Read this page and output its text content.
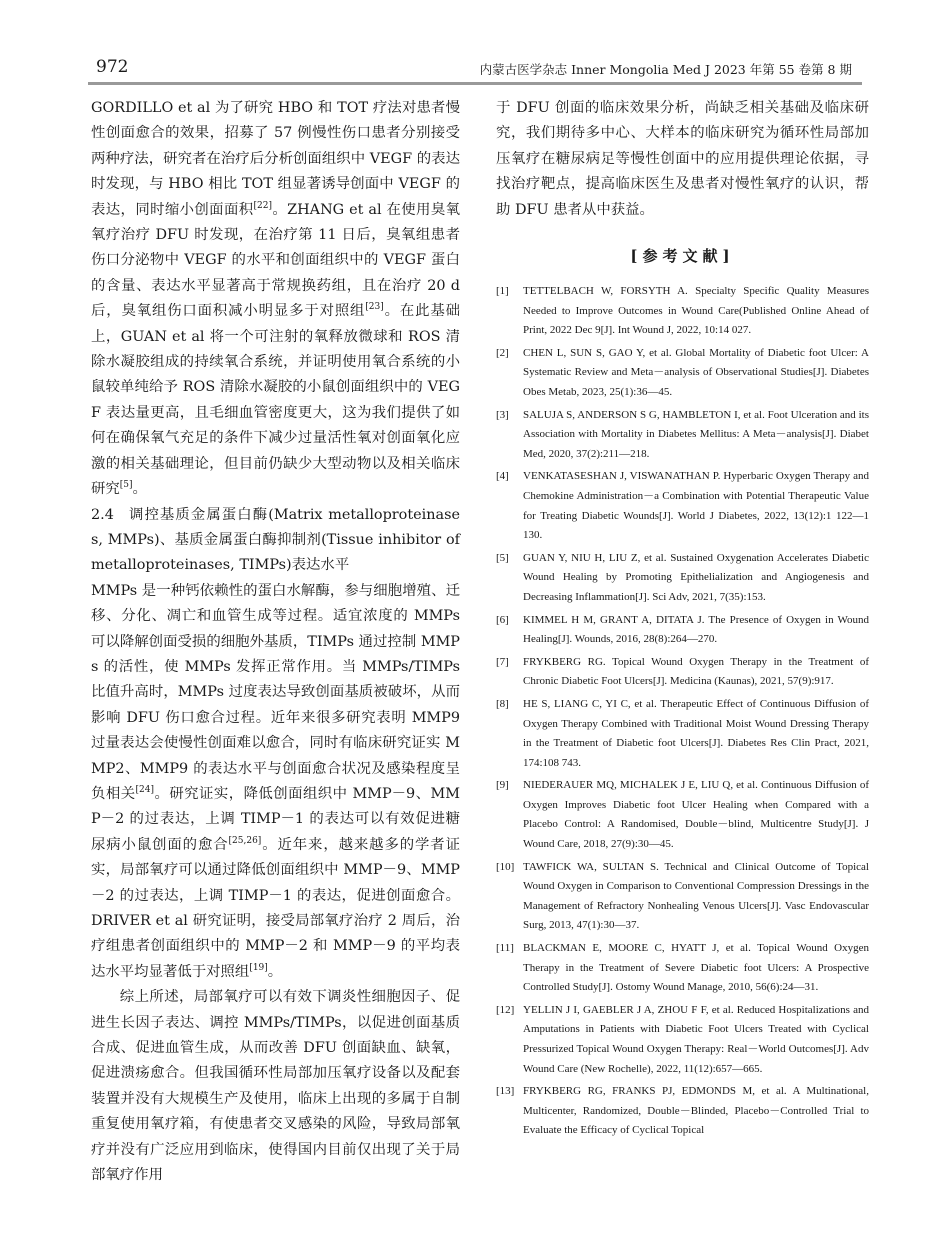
972	内蒙古医学杂志 Inner Mongolia Med J 2023 年第 55 卷第 8 期

GORDILLO et al 为了研究 HBO 和 TOT 疗法对患者慢性创面愈合的效果，招募了 57 例慢性伤口患者分别接受两种疗法，研究者在治疗后分析创面组织中 VEGF 的表达时发现，与 HBO 相比 TOT 组显著诱导创面中 VEGF 的表达，同时缩小创面面积[22]。ZHANG et al 在使用臭氧氧疗治疗 DFU 时发现，在治疗第 11 日后，臭氧组患者伤口分泌物中 VEGF 的水平和创面组织中的 VEGF 蛋白的含量、表达水平显著高于常规换药组，且在治疗 20 d 后，臭氧组伤口面积减小明显多于对照组[23]。在此基础上，GUAN et al 将一个可注射的氧释放微球和 ROS 清除水凝胶组成的持续氧合系统，并证明使用氧合系统的小鼠较单纯给予 ROS 清除水凝胶的小鼠创面组织中的 VEGF 表达量更高，且毛细血管密度更大，这为我们提供了如何在确保氧气充足的条件下减少过量活性氧对创面氧化应激的相关基础理论，但目前仍缺少大型动物以及相关临床研究[5]。

2.4 调控基质金属蛋白酶(Matrix metalloproteinases, MMPs)、基质金属蛋白酶抑制剂(Tissue inhibitor of metalloproteinases, TIMPs)表达水平

MMPs 是一种钙依赖性的蛋白水解酶，参与细胞增殖、迁移、分化、凋亡和血管生成等过程。适宜浓度的 MMPs 可以降解创面受损的细胞外基质，TIMPs 通过控制 MMPs 的活性，使 MMPs 发挥正常作用。当 MMPs/TIMPs 比值升高时，MMPs 过度表达导致创面基质被破坏，从而影响 DFU 伤口愈合过程。近年来很多研究表明 MMP9 过量表达会使慢性创面难以愈合，同时有临床研究证实 MMP2、MMP9 的表达水平与创面愈合状况及感染程度呈负相关[24]。研究证实，降低创面组织中 MMP－9、MMP－2 的过表达，上调 TIMP－1 的表达可以有效促进糖尿病小鼠创面的愈合[25,26]。近年来，越来越多的学者证实，局部氧疗可以通过降低创面组织中 MMP－9、MMP－2 的过表达，上调 TIMP－1 的表达，促进创面愈合。DRIVER et al 研究证明，接受局部氧疗治疗 2 周后，治疗组患者创面组织中的 MMP－2 和 MMP－9 的平均表达水平均显著低于对照组[19]。

综上所述，局部氧疗可以有效下调炎性细胞因子、促进生长因子表达、调控 MMPs/TIMPs，以促进创面基质合成、促进血管生成，从而改善 DFU 创面缺血、缺氧，促进溃疡愈合。但我国循环性局部加压氧疗设备以及配套装置并没有大规模生产及使用，临床上出现的多属于自制重复使用氧疗箱，有使患者交叉感染的风险，导致局部氧疗并没有广泛应用到临床，使得国内目前仅出现了关于局部氧疗作用

于 DFU 创面的临床效果分析，尚缺乏相关基础及临床研究，我们期待多中心、大样本的临床研究为循环性局部加压氧疗在糖尿病足等慢性创面中的应用提供理论依据，寻找治疗靶点，提高临床医生及患者对慢性氧疗的认识，帮助 DFU 患者从中获益。

[参考文献]
[1] TETTELBACH W, FORSYTH A. Specialty Specific Quality Measures Needed to Improve Outcomes in Wound Care(Published Online Ahead of Print, 2022 Dec 9[J]. Int Wound J, 2022, 10:14 027.
[2] CHEN L, SUN S, GAO Y, et al. Global Mortality of Diabetic foot Ulcer: A Systematic Review and Meta－analysis of Observational Studies[J]. Diabetes Obes Metab, 2023, 25(1):36—45.
[3] SALUJA S, ANDERSON S G, HAMBLETON I, et al. Foot Ulceration and its Association with Mortality in Diabetes Mellitus: A Meta－analysis[J]. Diabet Med, 2020, 37(2):211—218.
[4] VENKATASESHAN J, VISWANATHAN P. Hyperbaric Oxygen Therapy and Chemokine Administration－a Combination with Potential Therapeutic Value for Treating Diabetic Wounds[J]. World J Diabetes, 2022, 13(12):1 122—1 130.
[5] GUAN Y, NIU H, LIU Z, et al. Sustained Oxygenation Accelerates Diabetic Wound Healing by Promoting Epithelialization and Angiogenesis and Decreasing Inflammation[J]. Sci Adv, 2021, 7(35):153.
[6] KIMMEL H M, GRANT A, DITATA J. The Presence of Oxygen in Wound Healing[J]. Wounds, 2016, 28(8):264—270.
[7] FRYKBERG RG. Topical Wound Oxygen Therapy in the Treatment of Chronic Diabetic Foot Ulcers[J]. Medicina (Kaunas), 2021, 57(9):917.
[8] HE S, LIANG C, YI C, et al. Therapeutic Effect of Continuous Diffusion of Oxygen Therapy Combined with Traditional Moist Wound Dressing Therapy in the Treatment of Diabetic foot Ulcers[J]. Diabetes Res Clin Pract, 2021, 174:108 743.
[9] NIEDERAUER MQ, MICHALEK J E, LIU Q, et al. Continuous Diffusion of Oxygen Improves Diabetic foot Ulcer Healing when Compared with a Placebo Control: A Randomised, Double－blind, Multicentre Study[J]. J Wound Care, 2018, 27(9):30—45.
[10] TAWFICK WA, SULTAN S. Technical and Clinical Outcome of Topical Wound Oxygen in Comparison to Conventional Compression Dressings in the Management of Refractory Nonhealing Venous Ulcers[J]. Vasc Endovascular Surg, 2013, 47(1):30—37.
[11] BLACKMAN E, MOORE C, HYATT J, et al. Topical Wound Oxygen Therapy in the Treatment of Severe Diabetic foot Ulcers: A Prospective Controlled Study[J]. Ostomy Wound Manage, 2010, 56(6):24—31.
[12] YELLIN J I, GAEBLER J A, ZHOU F F, et al. Reduced Hospitalizations and Amputations in Patients with Diabetic Foot Ulcers Treated with Cyclical Pressurized Topical Wound Oxygen Therapy: Real－World Outcomes[J]. Adv Wound Care (New Rochelle), 2022, 11(12):657—665.
[13] FRYKBERG RG, FRANKS PJ, EDMONDS M, et al. A Multinational, Multicenter, Randomized, Double－Blinded, Placebo－Controlled Trial to Evaluate the Efficacy of Cyclical Topical
